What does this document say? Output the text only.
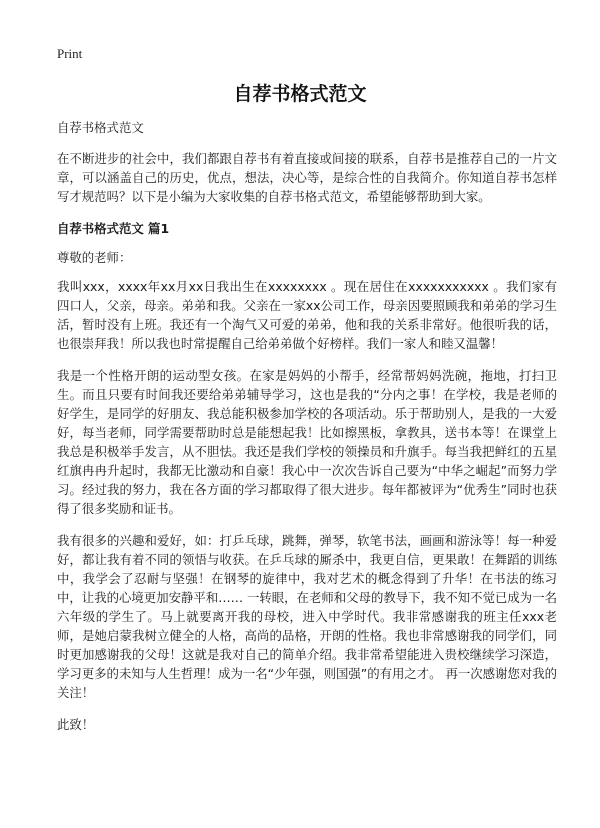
Print
自荐书格式范文

自荐书格式范文

在不断进步的社会中，我们都跟自荐书有着直接或间接的联系，自荐书是推荐自己的一片文章，可以涵盖自己的历史，优点，想法，决心等，是综合性的自我简介。你知道自荐书怎样写才规范吗？以下是小编为大家收集的自荐书格式范文，希望能够帮助到大家。

自荐书格式范文 篇1

尊敬的老师：

我叫xxx，xxxx年xx月xx日我出生在xxxxxxxx 。现在居住在xxxxxxxxxxx 。我们家有四口人，父亲，母亲。弟弟和我。父亲在一家xx公司工作，母亲因要照顾我和弟弟的学习生活，暂时没有上班。我还有一个淘气又可爱的弟弟，他和我的关系非常好。他很听我的话，也很崇拜我！所以我也时常提醒自己给弟弟做个好榜样。我们一家人和睦又温馨！

我是一个性格开朗的运动型女孩。在家是妈妈的小帮手，经常帮妈妈洗碗，拖地，打扫卫生。而且只要有时间我还要给弟弟辅导学习，这也是我的“分内之事！在学校，我是老师的好学生，是同学的好朋友、我总能积极参加学校的各项活动。乐于帮助别人，是我的一大爱好，每当老师，同学需要帮助时总是能想起我！比如擦黑板，拿教具，送书本等！在课堂上我总是积极举手发言，从不胆怯。我还是我们学校的领操员和升旗手。每当我把鲜红的五星红旗冉冉升起时，我都无比激动和自豪！我心中一次次告诉自己要为“中华之崛起”而努力学习。经过我的努力，我在各方面的学习都取得了很大进步。每年都被评为“优秀生”同时也获得了很多奖励和证书。

我有很多的兴趣和爱好，如：打乒乓球，跳舞，弹琴，软笔书法，画画和游泳等！每一种爱好，都让我有着不同的领悟与收获。在乒乓球的厮杀中，我更自信，更果敢！在舞蹈的训练中，我学会了忍耐与坚强！在钢琴的旋律中，我对艺术的概念得到了升华！在书法的练习中，让我的心境更加安静平和…… 一转眼，在老师和父母的教导下，我不知不觉已成为一名六年级的学生了。马上就要离开我的母校，进入中学时代。我非常感谢我的班主任xxx老师，是她启蒙我树立健全的人格，高尚的品格，开朗的性格。我也非常感谢我的同学们，同时更加感谢我的父母！这就是我对自己的简单介绍。我非常希望能进入贵校继续学习深造，学习更多的未知与人生哲理！成为一名“少年强，则国强”的有用之才。 再一次感谢您对我的关注！

此致！
